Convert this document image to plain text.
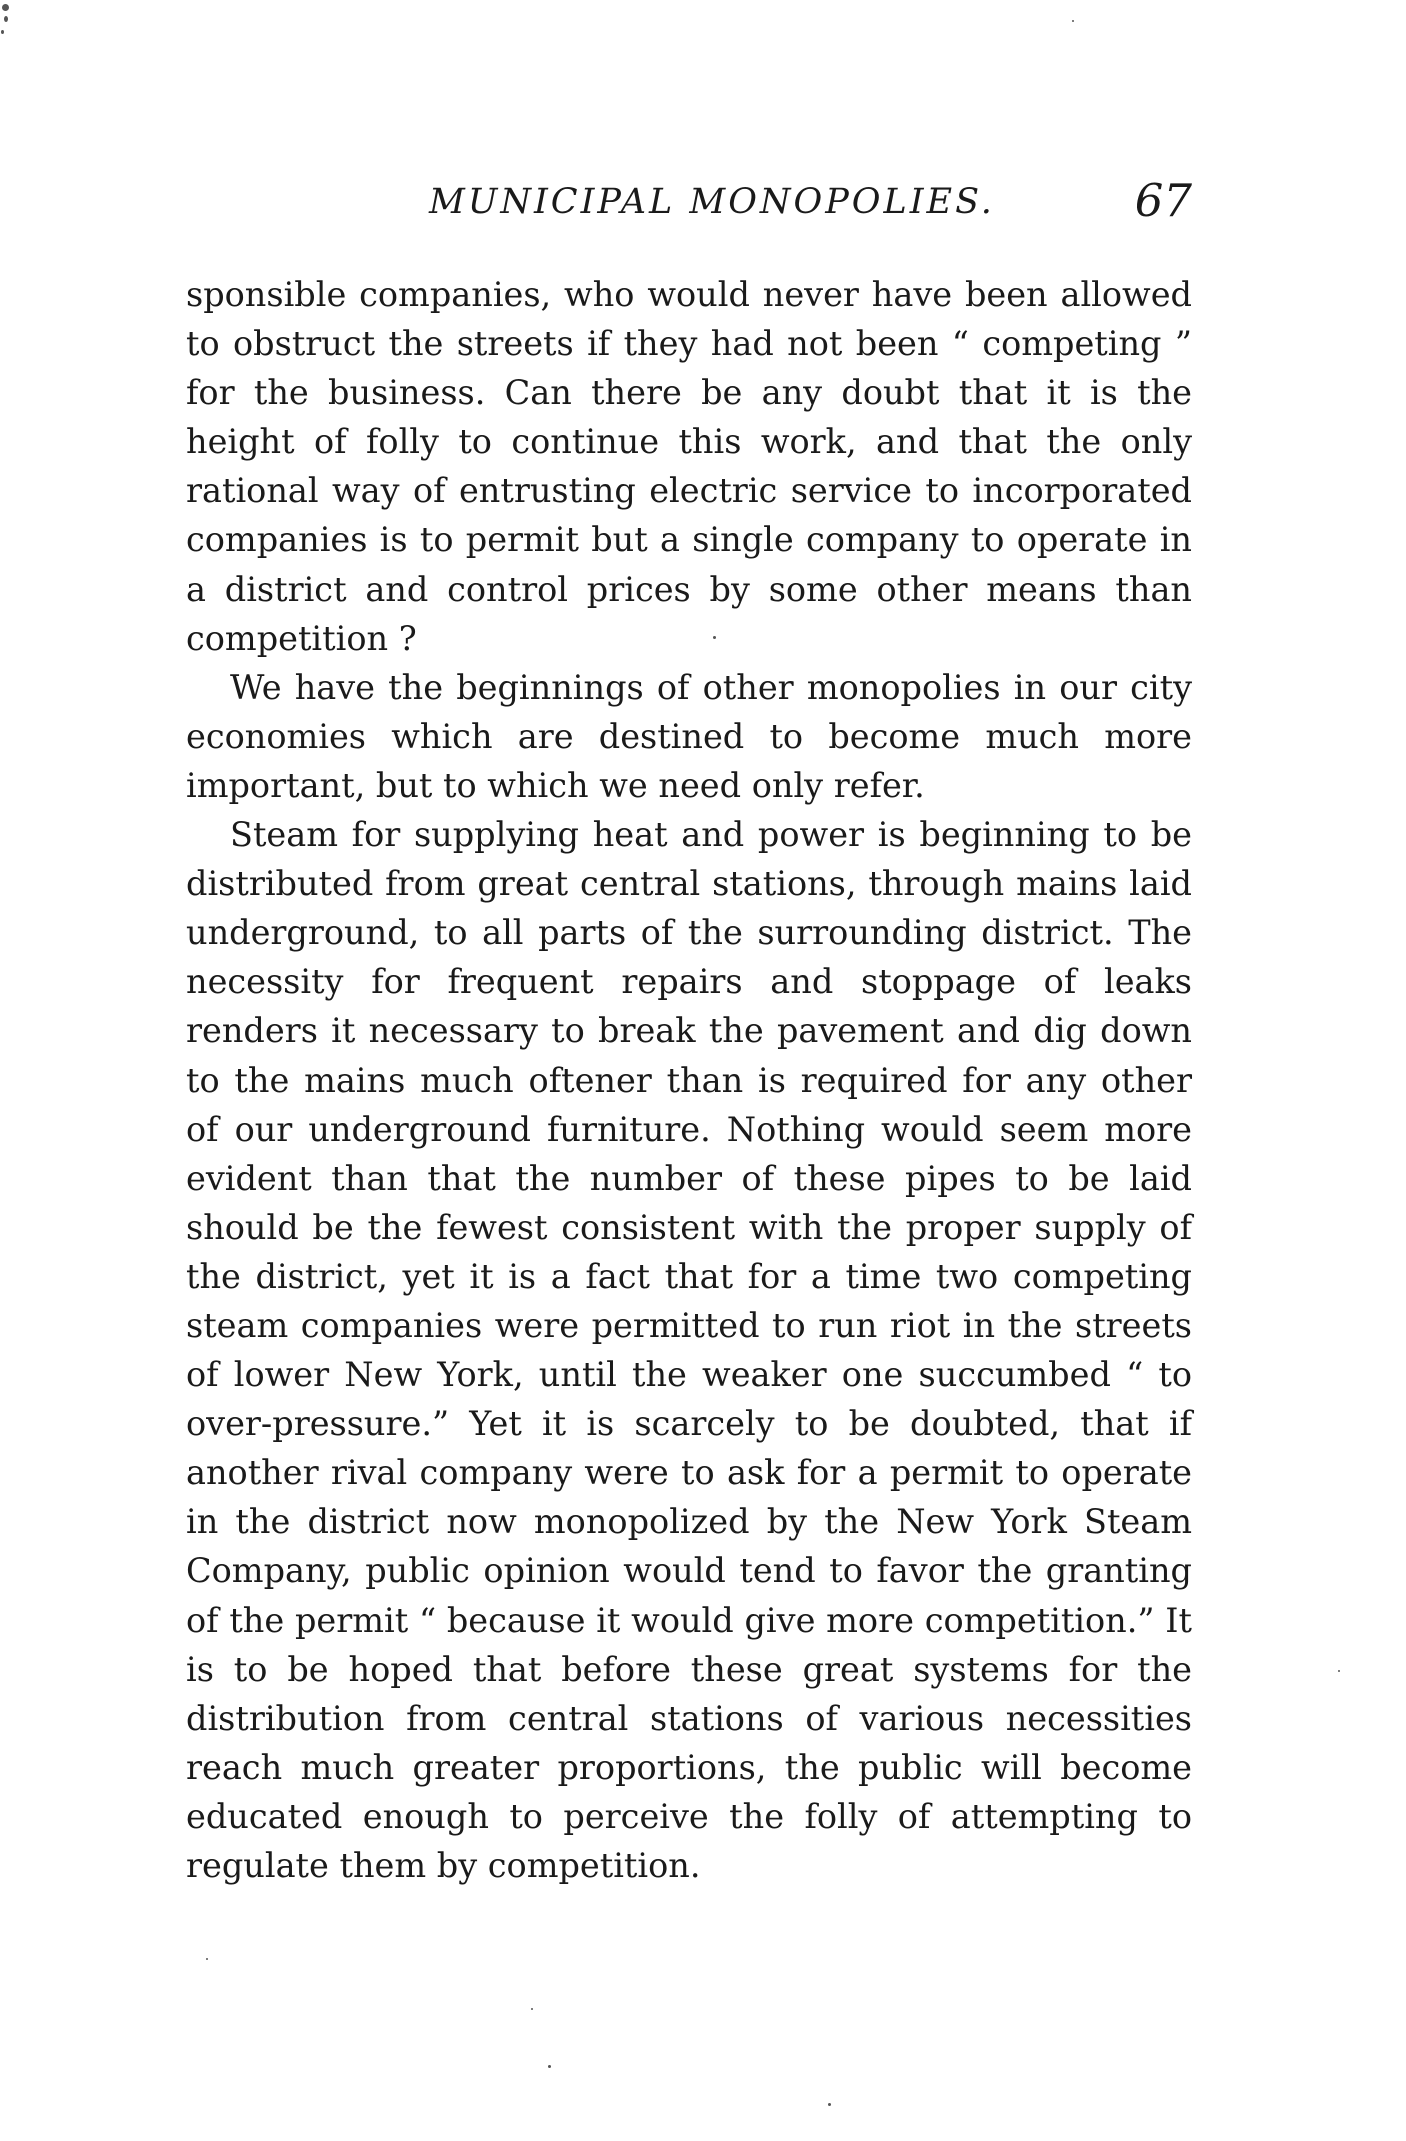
MUNICIPAL MONOPOLIES.	67

sponsible companies, who would never have been allowed to obstruct the streets if they had not been “ competing ” for the business. Can there be any doubt that it is the height of folly to continue this work, and that the only rational way of entrusting electric service to incorporated companies is to permit but a single company to operate in a district and control prices by some other means than competition ?

We have the beginnings of other monopolies in our city economies which are destined to become much more important, but to which we need only refer.

Steam for supplying heat and power is beginning to be distributed from great central stations, through mains laid underground, to all parts of the surrounding district. The necessity for frequent repairs and stoppage of leaks renders it necessary to break the pavement and dig down to the mains much oftener than is required for any other of our underground furniture. Nothing would seem more evident than that the number of these pipes to be laid should be the fewest consistent with the proper supply of the district, yet it is a fact that for a time two competing steam companies were permitted to run riot in the streets of lower New York, until the weaker one succumbed “ to over-pressure.” Yet it is scarcely to be doubted, that if another rival company were to ask for a permit to operate in the district now monopolized by the New York Steam Company, public opinion would tend to favor the granting of the permit “ because it would give more competition.” It is to be hoped that before these great systems for the distribution from central stations of various necessities reach much greater proportions, the public will become educated enough to perceive the folly of attempting to regulate them by competition.
